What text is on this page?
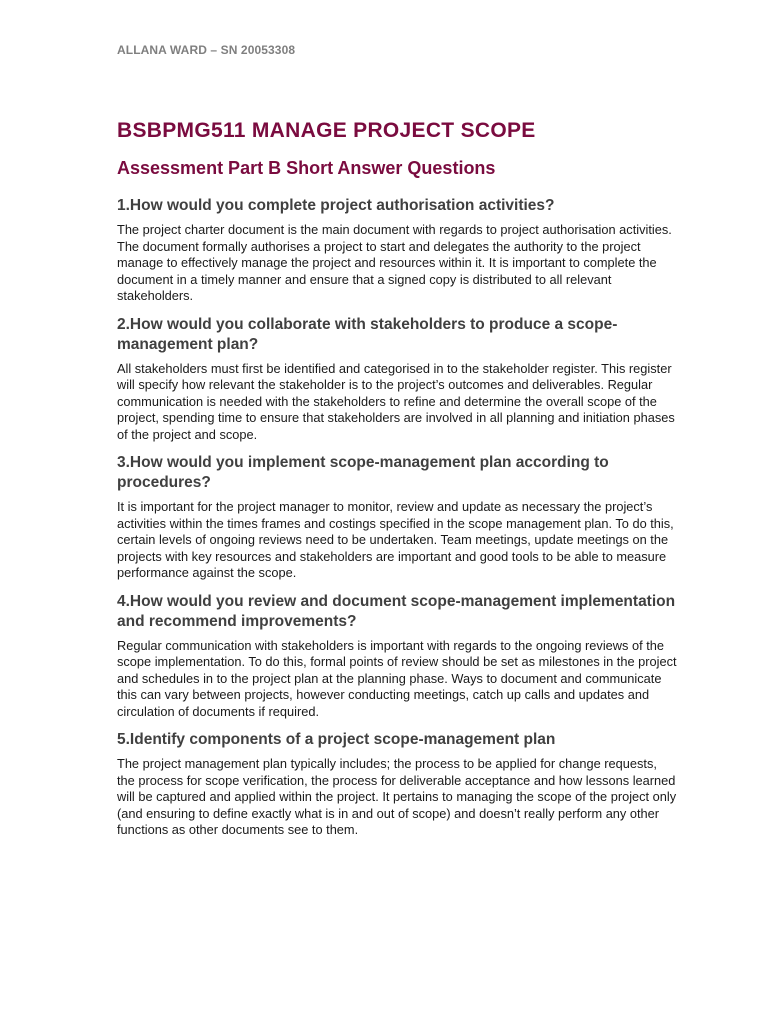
ALLANA WARD – SN 20053308
BSBPMG511 MANAGE PROJECT SCOPE
Assessment Part B Short Answer Questions

1.How would you complete project authorisation activities?

The project charter document is the main document with regards to project authorisation activities. The document formally authorises a project to start and delegates the authority to the project manage to effectively manage the project and resources within it. It is important to complete the document in a timely manner and ensure that a signed copy is distributed to all relevant stakeholders.

2.How would you collaborate with stakeholders to produce a scope-management plan?

All stakeholders must first be identified and categorised in to the stakeholder register. This register will specify how relevant the stakeholder is to the project’s outcomes and deliverables. Regular communication is needed with the stakeholders to refine and determine the overall scope of the project, spending time to ensure that stakeholders are involved in all planning and initiation phases of the project and scope.

3.How would you implement scope-management plan according to procedures?

It is important for the project manager to monitor, review and update as necessary the project’s activities within the times frames and costings specified in the scope management plan. To do this, certain levels of ongoing reviews need to be undertaken. Team meetings, update meetings on the projects with key resources and stakeholders are important and good tools to be able to measure performance against the scope.

4.How would you review and document scope-management implementation and recommend improvements?

Regular communication with stakeholders is important with regards to the ongoing reviews of the scope implementation. To do this, formal points of review should be set as milestones in the project and schedules in to the project plan at the planning phase. Ways to document and communicate this can vary between projects, however conducting meetings, catch up calls and updates and circulation of documents if required.

5.Identify components of a project scope-management plan

The project management plan typically includes; the process to be applied for change requests, the process for scope verification, the process for deliverable acceptance and how lessons learned will be captured and applied within the project. It pertains to managing the scope of the project only (and ensuring to define exactly what is in and out of scope) and doesn’t really perform any other functions as other documents see to them.
